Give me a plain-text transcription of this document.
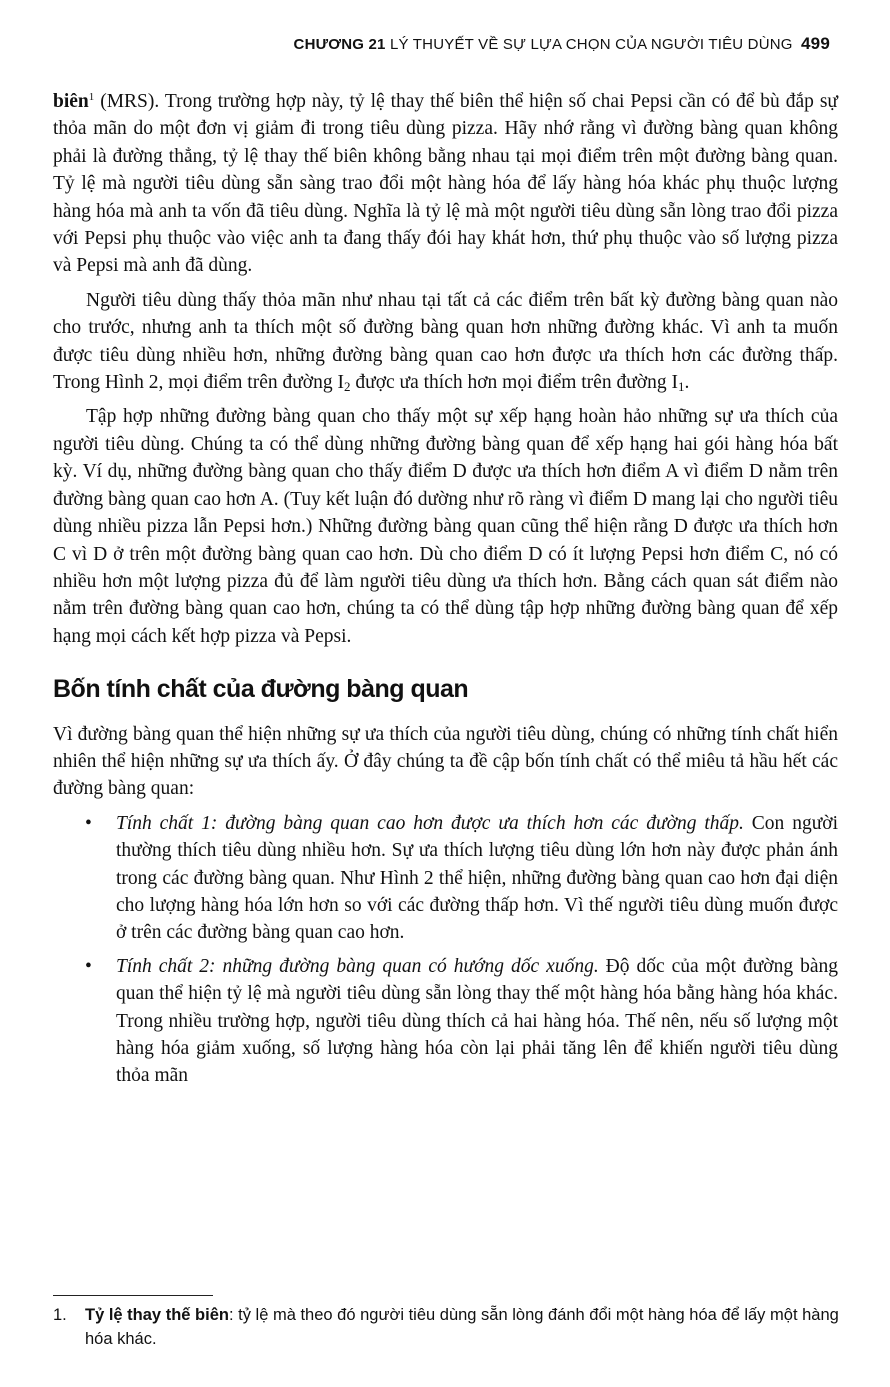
CHƯƠNG 21 LÝ THUYẾT VỀ SỰ LỰA CHỌN CỦA NGƯỜI TIÊU DÙNG 499

biên$^1$ (MRS). Trong trường hợp này, tỷ lệ thay thế biên thể hiện số chai Pepsi cần có để bù đắp sự thỏa mãn do một đơn vị giảm đi trong tiêu dùng pizza. Hãy nhớ rằng vì đường bàng quan không phải là đường thẳng, tỷ lệ thay thế biên không bằng nhau tại mọi điểm trên một đường bàng quan. Tỷ lệ mà người tiêu dùng sẵn sàng trao đổi một hàng hóa để lấy hàng hóa khác phụ thuộc lượng hàng hóa mà anh ta vốn đã tiêu dùng. Nghĩa là tỷ lệ mà một người tiêu dùng sẵn lòng trao đổi pizza với Pepsi phụ thuộc vào việc anh ta đang thấy đói hay khát hơn, thứ phụ thuộc vào số lượng pizza và Pepsi mà anh đã dùng.

Người tiêu dùng thấy thỏa mãn như nhau tại tất cả các điểm trên bất kỳ đường bàng quan nào cho trước, nhưng anh ta thích một số đường bàng quan hơn những đường khác. Vì anh ta muốn được tiêu dùng nhiều hơn, những đường bàng quan cao hơn được ưa thích hơn các đường thấp. Trong Hình 2, mọi điểm trên đường $I_2$ được ưa thích hơn mọi điểm trên đường $I_1$.

Tập hợp những đường bàng quan cho thấy một sự xếp hạng hoàn hảo những sự ưa thích của người tiêu dùng. Chúng ta có thể dùng những đường bàng quan để xếp hạng hai gói hàng hóa bất kỳ. Ví dụ, những đường bàng quan cho thấy điểm D được ưa thích hơn điểm A vì điểm D nằm trên đường bàng quan cao hơn A. (Tuy kết luận đó dường như rõ ràng vì điểm D mang lại cho người tiêu dùng nhiều pizza lẫn Pepsi hơn.) Những đường bàng quan cũng thể hiện rằng D được ưa thích hơn C vì D ở trên một đường bàng quan cao hơn. Dù cho điểm D có ít lượng Pepsi hơn điểm C, nó có nhiều hơn một lượng pizza đủ để làm người tiêu dùng ưa thích hơn. Bằng cách quan sát điểm nào nằm trên đường bàng quan cao hơn, chúng ta có thể dùng tập hợp những đường bàng quan để xếp hạng mọi cách kết hợp pizza và Pepsi.

Bốn tính chất của đường bàng quan

Vì đường bàng quan thể hiện những sự ưa thích của người tiêu dùng, chúng có những tính chất hiển nhiên thể hiện những sự ưa thích ấy. Ở đây chúng ta đề cập bốn tính chất có thể miêu tả hầu hết các đường bàng quan:

• Tính chất 1: đường bàng quan cao hơn được ưa thích hơn các đường thấp. Con người thường thích tiêu dùng nhiều hơn. Sự ưa thích lượng tiêu dùng lớn hơn này được phản ánh trong các đường bàng quan. Như Hình 2 thể hiện, những đường bàng quan cao hơn đại diện cho lượng hàng hóa lớn hơn so với các đường thấp hơn. Vì thế người tiêu dùng muốn được ở trên các đường bàng quan cao hơn.
• Tính chất 2: những đường bàng quan có hướng dốc xuống. Độ dốc của một đường bàng quan thể hiện tỷ lệ mà người tiêu dùng sẵn lòng thay thế một hàng hóa bằng hàng hóa khác. Trong nhiều trường hợp, người tiêu dùng thích cả hai hàng hóa. Thế nên, nếu số lượng một hàng hóa giảm xuống, số lượng hàng hóa còn lại phải tăng lên để khiến người tiêu dùng thỏa mãn
1.	Tỷ lệ thay thế biên: tỷ lệ mà theo đó người tiêu dùng sẵn lòng đánh đổi một hàng hóa để lấy một hàng hóa khác.
